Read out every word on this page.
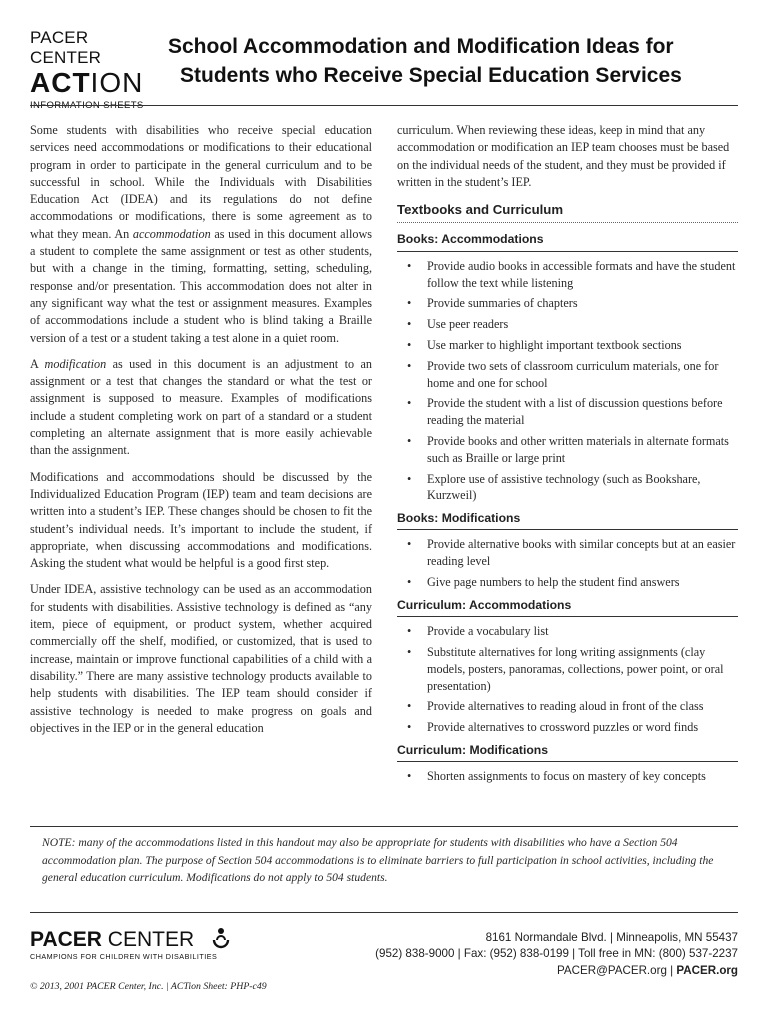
PACER CENTER
ACTION
School Accommodation and Modification Ideas for
Students who Receive Special Education Services

Some students with disabilities who receive special education services need accommodations or modifications to their educational program in order to participate in the general curriculum and to be successful in school. While the Individuals with Disabilities Education Act (IDEA) and its regulations do not define accommodations or modifications, there is some agreement as to what they mean. An accommodation as used in this document allows a student to complete the same assignment or test as other students, but with a change in the timing, formatting, setting, scheduling, response and/or presentation. This accommodation does not alter in any significant way what the test or assignment measures. Examples of accommodations include a student who is blind taking a Braille version of a test or a student taking a test alone in a quiet room.

A modification as used in this document is an adjustment to an assignment or a test that changes the standard or what the test or assignment is supposed to measure. Examples of modifications include a student completing work on part of a standard or a student completing an alternate assignment that is more easily achievable than the assignment.

Modifications and accommodations should be discussed by the Individualized Education Program (IEP) team and team decisions are written into a student’s IEP. These changes should be chosen to fit the student’s individual needs. It’s important to include the student, if appropriate, when discussing accommodations and modifications. Asking the student what would be helpful is a good first step.

Under IDEA, assistive technology can be used as an accommodation for students with disabilities. Assistive technology is defined as “any item, piece of equipment, or product system, whether acquired commercially off the shelf, modified, or customized, that is used to increase, maintain or improve functional capabilities of a child with a disability.” There are many assistive technology products available to help students with disabilities. The IEP team should consider if assistive technology is needed to make progress on goals and objectives in the IEP or in the general education

curriculum. When reviewing these ideas, keep in mind that any accommodation or modification an IEP team chooses must be based on the individual needs of the student, and they must be provided if written in the student’s IEP.

Textbooks and Curriculum
Books: Accommodations
• Provide audio books in accessible formats and have the student follow the text while listening
• Provide summaries of chapters
• Use peer readers
• Use marker to highlight important textbook sections
• Provide two sets of classroom curriculum materials, one for home and one for school
• Provide the student with a list of discussion questions before reading the material
• Provide books and other written materials in alternate formats such as Braille or large print
• Explore use of assistive technology (such as Bookshare, Kurzweil)
Books: Modifications
• Provide alternative books with similar concepts but at an easier reading level
• Give page numbers to help the student find answers
Curriculum: Accommodations
• Provide a vocabulary list
• Substitute alternatives for long writing assignments (clay models, posters, panoramas, collections, power point, or oral presentation)
• Provide alternatives to reading aloud in front of the class
• Provide alternatives to crossword puzzles or word finds
Curriculum: Modifications
• Shorten assignments to focus on mastery of key concepts
NOTE: many of the accommodations listed in this handout may also be appropriate for students with disabilities who have a Section 504 accommodation plan. The purpose of Section 504 accommodations is to eliminate barriers to full participation in school activities, including the general education curriculum. Modifications do not apply to 504 students.
PACER CENTER
CHAMPIONS FOR CHILDREN WITH DISABILITIES
8161 Normandale Blvd. | Minneapolis, MN 55437
(952) 838-9000 | Fax: (952) 838-0199 | Toll free in MN: (800) 537-2237
PACER@PACER.org | PACER.org
© 2013, 2001 PACER Center, Inc. | ACTion Sheet: PHP-c49
